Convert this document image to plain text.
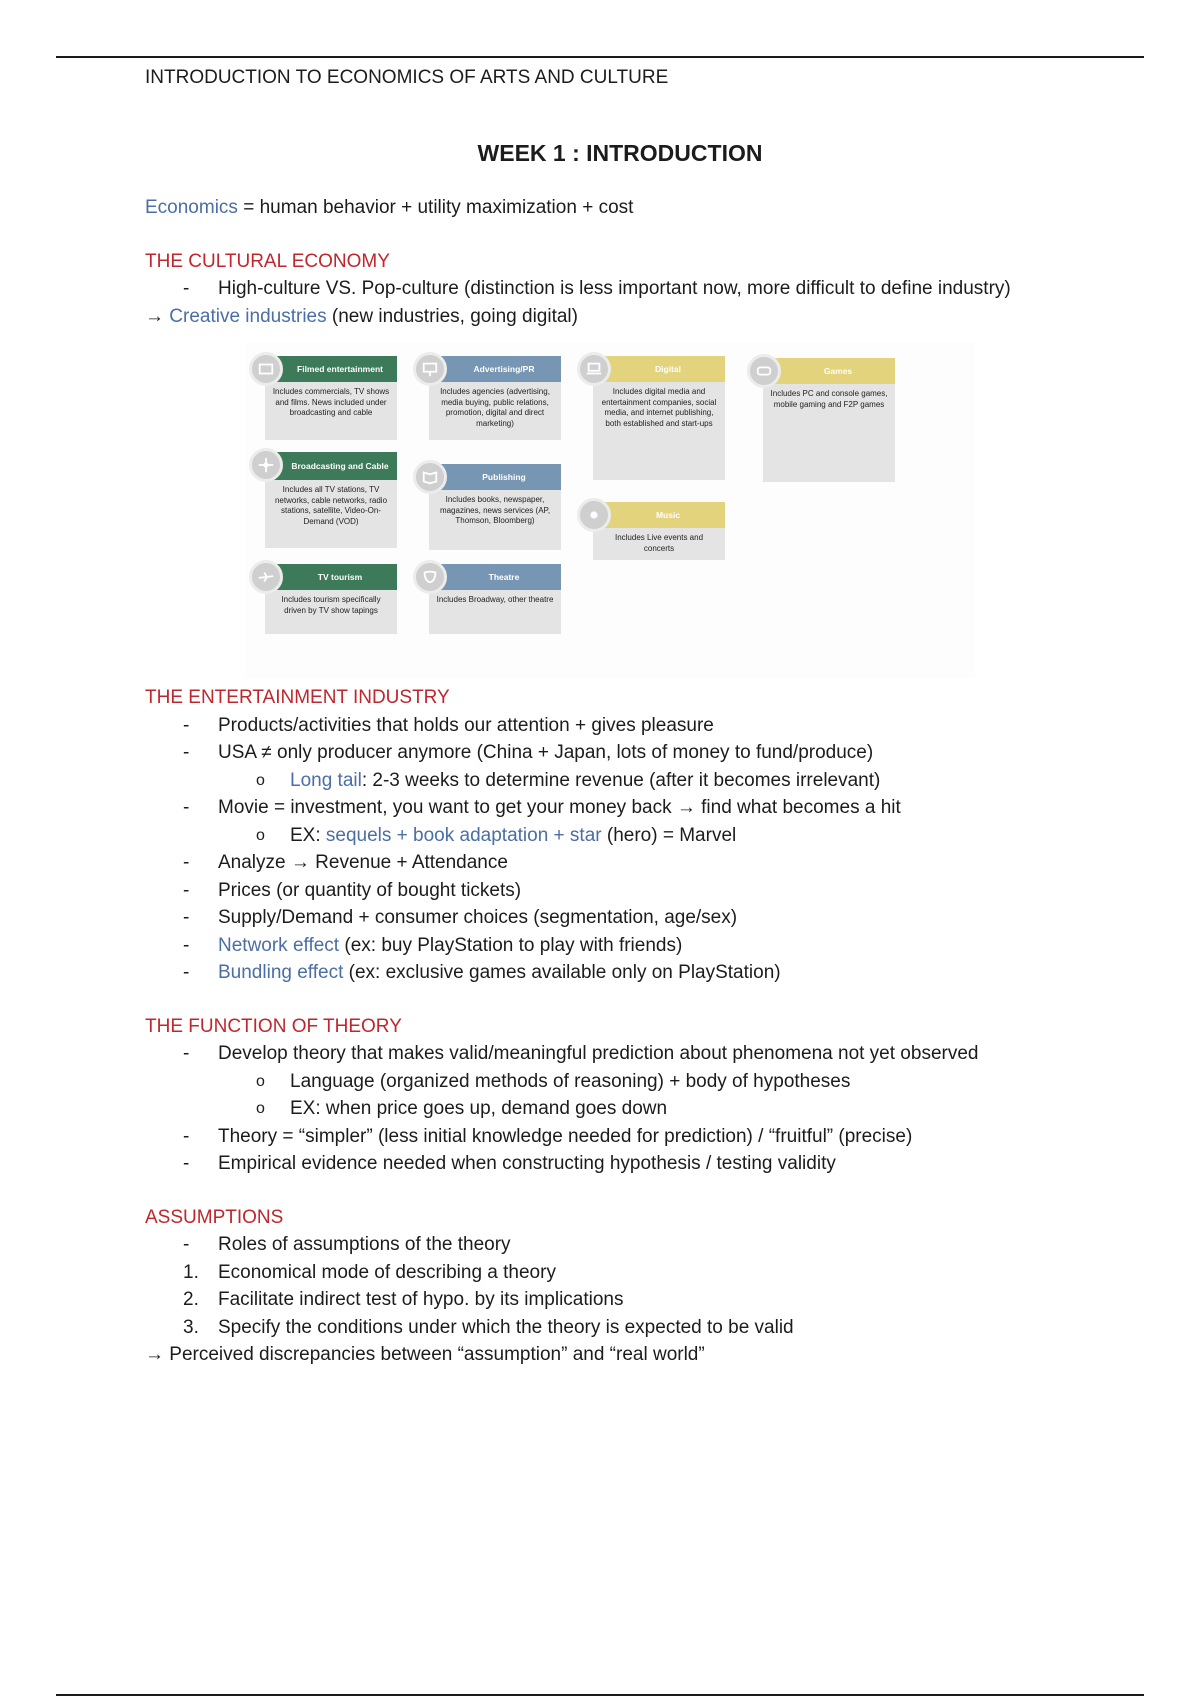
INTRODUCTION TO ECONOMICS OF ARTS AND CULTURE

WEEK 1 : INTRODUCTION

Economics = human behavior + utility maximization + cost

THE CULTURAL ECONOMY

- High-culture VS. Pop-culture (distinction is less important now, more difficult to define industry)

→ Creative industries (new industries, going digital)

Filmed entertainment
Includes commercials, TV shows and films. News included under broadcasting and cable
Advertising/PR
Includes agencies (advertising, media buying, public relations, promotion, digital and direct marketing)
Digital
Includes digital media and entertainment companies, social media, and internet publishing, both established and start-ups
Games
Includes PC and console games, mobile gaming and F2P games
Broadcasting and Cable
Includes all TV stations, TV networks, cable networks, radio stations, satellite, Video-On-Demand (VOD)
Publishing
Includes books, newspaper, magazines, news services (AP, Thomson, Bloomberg)
Music
Includes Live events and concerts
TV tourism
Includes tourism specifically driven by TV show tapings
Theatre
Includes Broadway, other theatre

THE ENTERTAINMENT INDUSTRY

- Products/activities that holds our attention + gives pleasure
- USA ≠ only producer anymore (China + Japan, lots of money to fund/produce)
o Long tail: 2-3 weeks to determine revenue (after it becomes irrelevant)
- Movie = investment, you want to get your money back → find what becomes a hit
o EX: sequels + book adaptation + star (hero) = Marvel
- Analyze → Revenue + Attendance
- Prices (or quantity of bought tickets)
- Supply/Demand + consumer choices (segmentation, age/sex)
- Network effect (ex: buy PlayStation to play with friends)
- Bundling effect (ex: exclusive games available only on PlayStation)

THE FUNCTION OF THEORY

- Develop theory that makes valid/meaningful prediction about phenomena not yet observed
o Language (organized methods of reasoning) + body of hypotheses
o EX: when price goes up, demand goes down
- Theory = “simpler” (less initial knowledge needed for prediction) / “fruitful” (precise)
- Empirical evidence needed when constructing hypothesis / testing validity

ASSUMPTIONS

- Roles of assumptions of the theory
1. Economical mode of describing a theory
2. Facilitate indirect test of hypo. by its implications
3. Specify the conditions under which the theory is expected to be valid

→ Perceived discrepancies between “assumption” and “real world”
